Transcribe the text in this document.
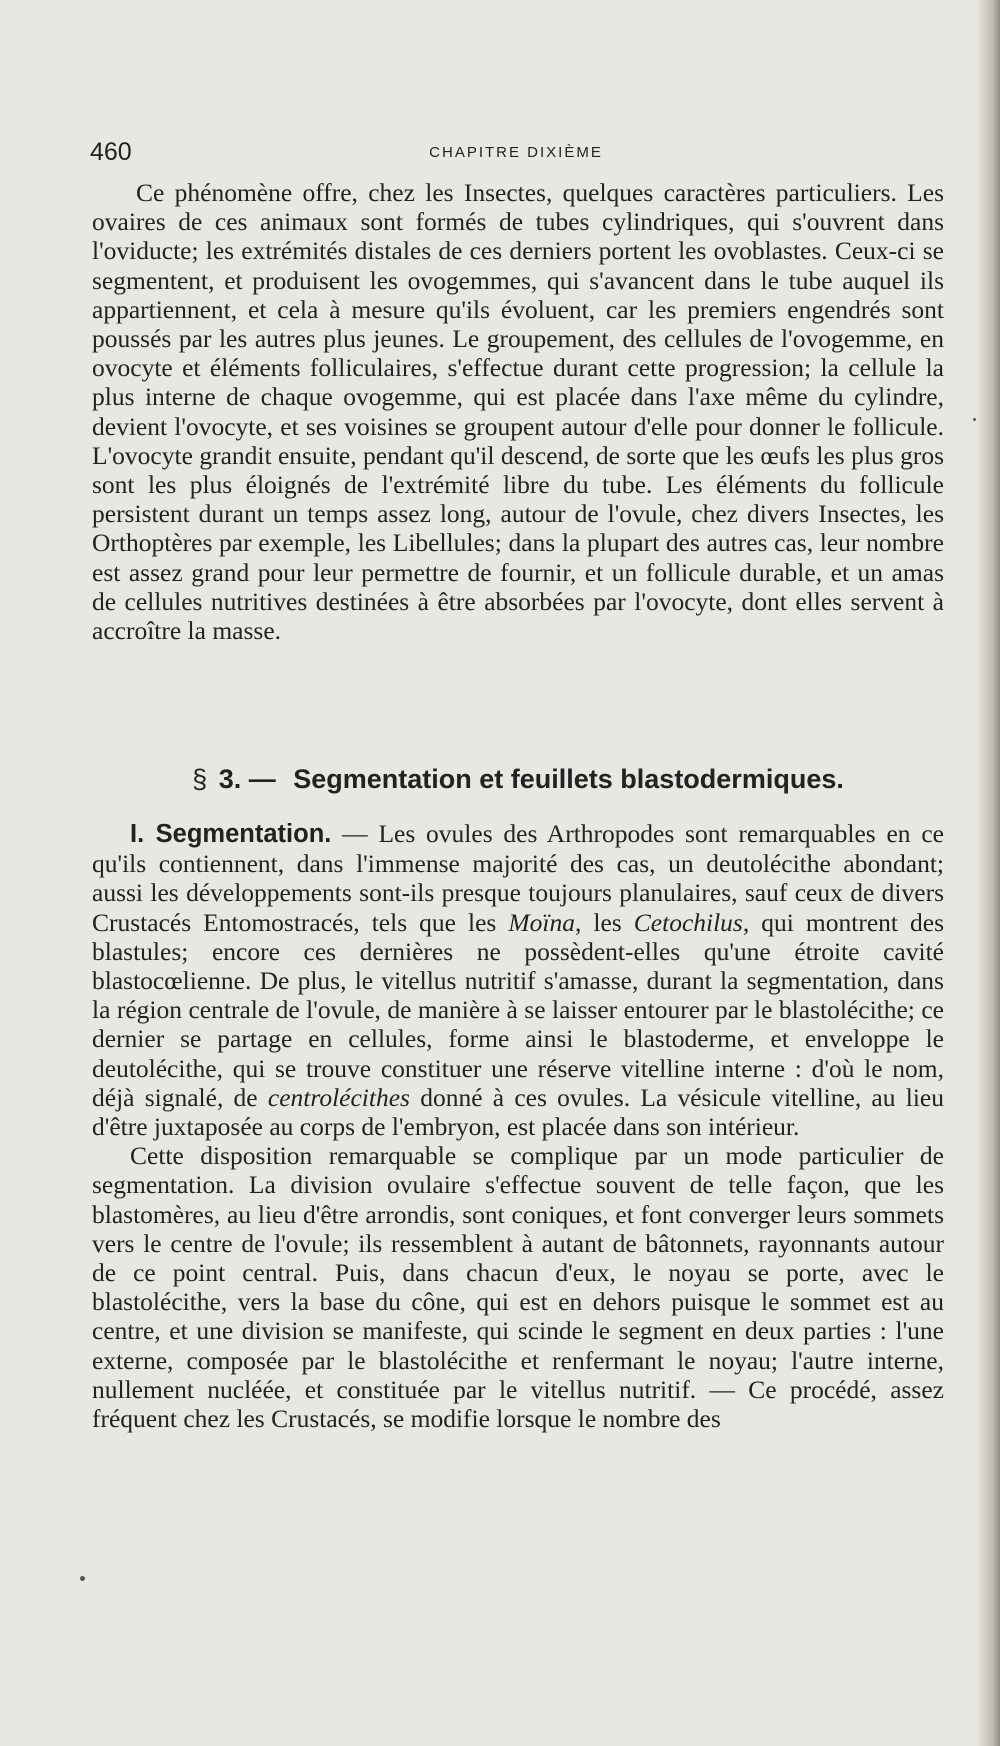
460	CHAPITRE DIXIÈME

Ce phénomène offre, chez les Insectes, quelques caractères particuliers. Les ovaires de ces animaux sont formés de tubes cylindriques, qui s'ouvrent dans l'oviducte; les extrémités distales de ces derniers portent les ovoblastes. Ceux-ci se segmentent, et produisent les ovogemmes, qui s'avancent dans le tube auquel ils appartiennent, et cela à mesure qu'ils évoluent, car les premiers engendrés sont poussés par les autres plus jeunes. Le groupement, des cellules de l'ovogemme, en ovocyte et éléments folliculaires, s'effectue durant cette progression; la cellule la plus interne de chaque ovogemme, qui est placée dans l'axe même du cylindre, devient l'ovocyte, et ses voisines se groupent autour d'elle pour donner le follicule. L'ovocyte grandit ensuite, pendant qu'il descend, de sorte que les œufs les plus gros sont les plus éloignés de l'extrémité libre du tube. Les éléments du follicule persistent durant un temps assez long, autour de l'ovule, chez divers Insectes, les Orthoptères par exemple, les Libellules; dans la plupart des autres cas, leur nombre est assez grand pour leur permettre de fournir, et un follicule durable, et un amas de cellules nutritives destinées à être absorbées par l'ovocyte, dont elles servent à accroître la masse.

§ 3. — Segmentation et feuillets blastodermiques.

I. Segmentation. — Les ovules des Arthropodes sont remarquables en ce qu'ils contiennent, dans l'immense majorité des cas, un deutolécithe abondant; aussi les développements sont-ils presque toujours planulaires, sauf ceux de divers Crustacés Entomostracés, tels que les Moïna, les Cetochilus, qui montrent des blastules; encore ces dernières ne possèdent-elles qu'une étroite cavité blastocœlienne. De plus, le vitellus nutritif s'amasse, durant la segmentation, dans la région centrale de l'ovule, de manière à se laisser entourer par le blastolécithe; ce dernier se partage en cellules, forme ainsi le blastoderme, et enveloppe le deutolécithe, qui se trouve constituer une réserve vitelline interne : d'où le nom, déjà signalé, de centrolécithes donné à ces ovules. La vésicule vitelline, au lieu d'être juxtaposée au corps de l'embryon, est placée dans son intérieur.

Cette disposition remarquable se complique par un mode particulier de segmentation. La division ovulaire s'effectue souvent de telle façon, que les blastomères, au lieu d'être arrondis, sont coniques, et font converger leurs sommets vers le centre de l'ovule; ils ressemblent à autant de bâtonnets, rayonnants autour de ce point central. Puis, dans chacun d'eux, le noyau se porte, avec le blastolécithe, vers la base du cône, qui est en dehors puisque le sommet est au centre, et une division se manifeste, qui scinde le segment en deux parties : l'une externe, composée par le blastolécithe et renfermant le noyau; l'autre interne, nullement nucléée, et constituée par le vitellus nutritif. — Ce procédé, assez fréquent chez les Crustacés, se modifie lorsque le nombre des
